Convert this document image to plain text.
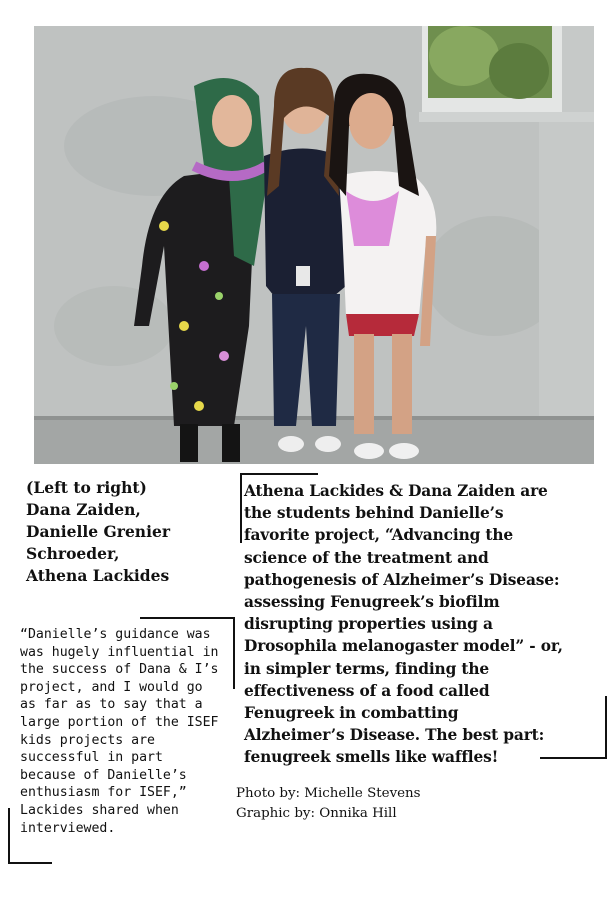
(Left to right)
Dana Zaiden,
Danielle Grenier
Schroeder,
Athena Lackides
Athena Lackides & Dana Zaiden are
the students behind Danielle’s
favorite project, “Advancing the
science of the treatment and
pathogenesis of Alzheimer’s Disease:
assessing Fenugreek’s biofilm
disrupting properties using a
Drosophila melanogaster model” - or,
in simpler terms, finding the
effectiveness of a food called
Fenugreek in combatting
Alzheimer’s Disease. The best part:
fenugreek smells like waffles!
“Danielle’s guidance was
was hugely influential in
the success of Dana & I’s
project, and I would go
as far as to say that a
large portion of the ISEF
kids projects are
successful in part
because of Danielle’s
enthusiasm for ISEF,”
Lackides shared when
interviewed.
Photo by: Michelle Stevens
Graphic by: Onnika Hill
